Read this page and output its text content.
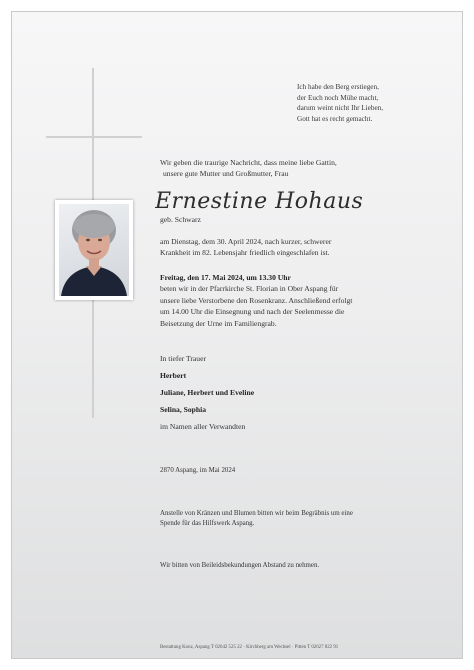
Ich habe den Berg erstiegen,
der Euch noch Mühe macht,
darum weint nicht Ihr Lieben,
Gott hat es recht gemacht.
Wir geben die traurige Nachricht, dass meine liebe Gattin,
unsere gute Mutter und Großmutter, Frau
Ernestine Hohaus
geb. Schwarz
am Dienstag, dem 30. April 2024, nach kurzer, schwerer
Krankheit im 82. Lebensjahr friedlich eingeschlafen ist.
Freitag, den 17. Mai 2024, um 13.30 Uhr
beten wir in der Pfarrkirche St. Florian in Ober Aspang für
unsere liebe Verstorbene den Rosenkranz. Anschließend erfolgt
um 14.00 Uhr die Einsegnung und nach der Seelenmesse die
Beisetzung der Urne im Familiengrab.
In tiefer Trauer
Herbert
Juliane, Herbert und Eveline
Selina, Sophia
im Namen aller Verwandten
2870 Aspang, im Mai 2024
Anstelle von Kränzen und Blumen bitten wir beim Begräbnis um eine
Spende für das Hilfswerk Aspang.
Wir bitten von Beileidsbekundungen Abstand zu nehmen.
Bestattung Konz, Aspang T 02642 525 22 · Kirchberg am Wechsel · Pitten T 02627 822 91
